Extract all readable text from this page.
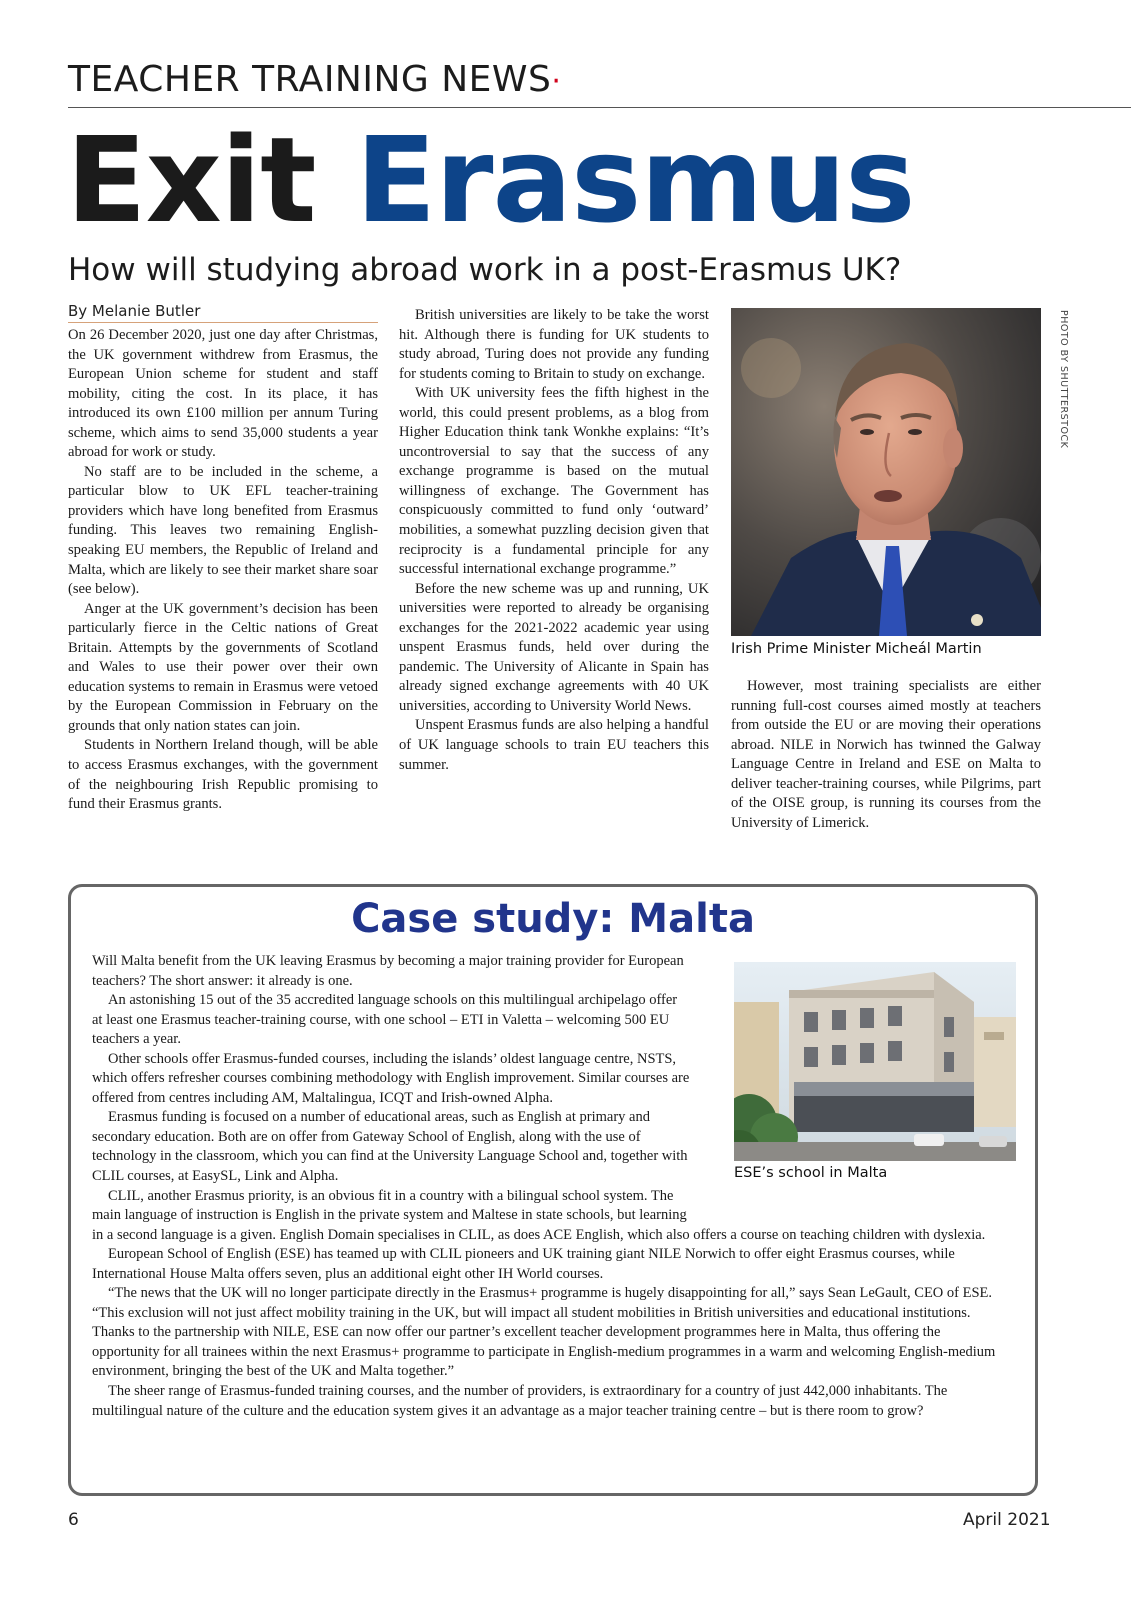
TEACHER TRAINING NEWS·
Exit Erasmus
How will studying abroad work in a post-Erasmus UK?
By Melanie Butler

On 26 December 2020, just one day after Christmas, the UK government withdrew from Erasmus, the European Union scheme for student and staff mobility, citing the cost. In its place, it has introduced its own £100 million per annum Turing scheme, which aims to send 35,000 students a year abroad for work or study.

No staff are to be included in the scheme, a particular blow to UK EFL teacher-training providers which have long benefited from Erasmus funding. This leaves two remaining English-speaking EU members, the Republic of Ireland and Malta, which are likely to see their market share soar (see below).

Anger at the UK government’s decision has been particularly fierce in the Celtic nations of Great Britain. Attempts by the governments of Scotland and Wales to use their power over their own education systems to remain in Erasmus were vetoed by the European Commission in February on the grounds that only nation states can join.

Students in Northern Ireland though, will be able to access Erasmus exchanges, with the government of the neighbouring Irish Republic promising to fund their Erasmus grants.

British universities are likely to be take the worst hit. Although there is funding for UK students to study abroad, Turing does not provide any funding for students coming to Britain to study on exchange.

With UK university fees the fifth highest in the world, this could present problems, as a blog from Higher Education think tank Wonkhe explains: “It’s uncontroversial to say that the success of any exchange programme is based on the mutual willingness of exchange. The Government has conspicuously committed to fund only ‘outward’ mobilities, a somewhat puzzling decision given that reciprocity is a fundamental principle for any successful international exchange programme.”

Before the new scheme was up and running, UK universities were reported to already be organising exchanges for the 2021-2022 academic year using unspent Erasmus funds, held over during the pandemic. The University of Alicante in Spain has already signed exchange agreements with 40 UK universities, according to University World News.

Unspent Erasmus funds are also helping a handful of UK language schools to train EU teachers this summer.

PHOTO BY SHUTTERSTOCK
Irish Prime Minister Micheál Martin

However, most training specialists are either running full-cost courses aimed mostly at teachers from outside the EU or are moving their operations abroad. NILE in Norwich has twinned the Galway Language Centre in Ireland and ESE on Malta to deliver teacher-training courses, while Pilgrims, part of the OISE group, is running its courses from the University of Limerick.

Case study: Malta

Will Malta benefit from the UK leaving Erasmus by becoming a major training provider for European teachers? The short answer: it already is one.

An astonishing 15 out of the 35 accredited language schools on this multilingual archipelago offer at least one Erasmus teacher-training course, with one school – ETI in Valetta – welcoming 500 EU teachers a year.

Other schools offer Erasmus-funded courses, including the islands’ oldest language centre, NSTS, which offers refresher courses combining methodology with English improvement. Similar courses are offered from centres including AM, Maltalingua, ICQT and Irish-owned Alpha.

Erasmus funding is focused on a number of educational areas, such as English at primary and secondary education. Both are on offer from Gateway School of English, along with the use of technology in the classroom, which you can find at the University Language School and, together with CLIL courses, at EasySL, Link and Alpha.

CLIL, another Erasmus priority, is an obvious fit in a country with a bilingual school system. The main language of instruction is English in the private system and Maltese in state schools, but learning in a second language is a given. English Domain specialises in CLIL, as does ACE English, which also offers a course on teaching children with dyslexia.

European School of English (ESE) has teamed up with CLIL pioneers and UK training giant NILE Norwich to offer eight Erasmus courses, while International House Malta offers seven, plus an additional eight other IH World courses.

“The news that the UK will no longer participate directly in the Erasmus+ programme is hugely disappointing for all,” says Sean LeGault, CEO of ESE. “This exclusion will not just affect mobility training in the UK, but will impact all student mobilities in British universities and educational institutions. Thanks to the partnership with NILE, ESE can now offer our partner’s excellent teacher development programmes here in Malta, thus offering the opportunity for all trainees within the next Erasmus+ programme to participate in English-medium programmes in a warm and welcoming English-medium environment, bringing the best of the UK and Malta together.”

The sheer range of Erasmus-funded training courses, and the number of providers, is extraordinary for a country of just 442,000 inhabitants. The multilingual nature of the culture and the education system gives it an advantage as a major teacher training centre – but is there room to grow?

ESE’s school in Malta
6	April 2021
